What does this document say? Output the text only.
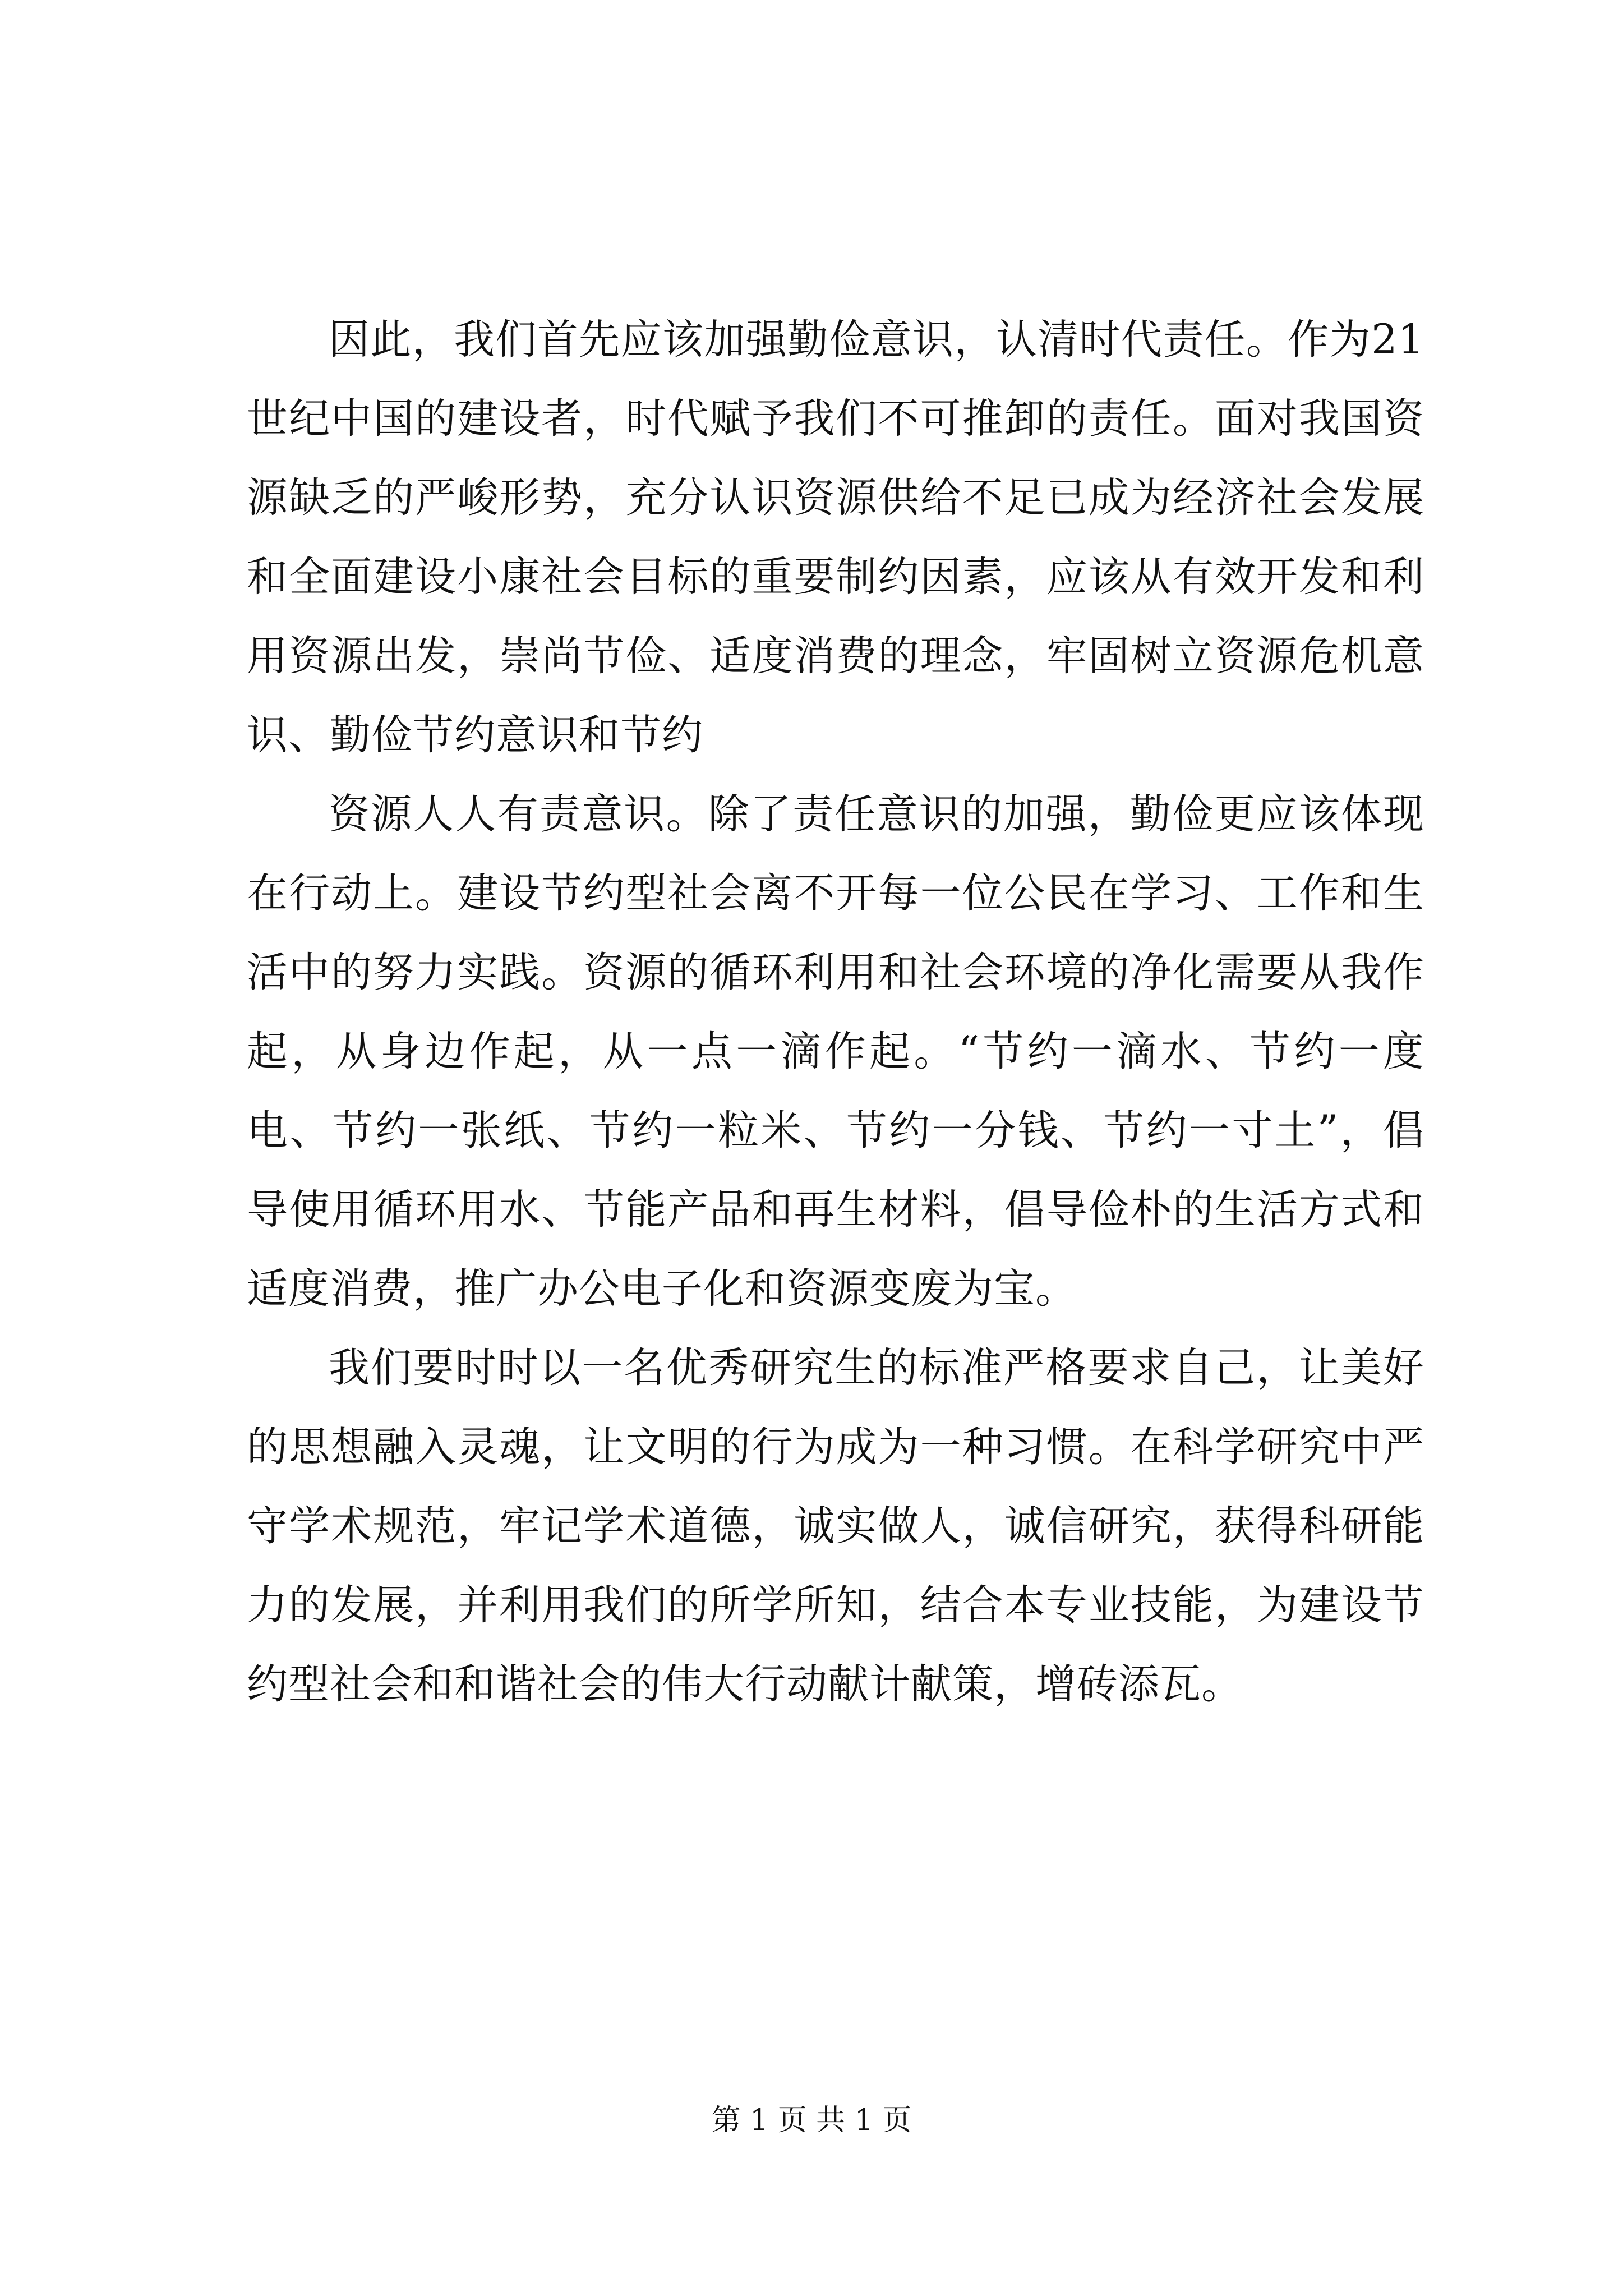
因此，我们首先应该加强勤俭意识，认清时代责任。作为21世纪中国的建设者，时代赋予我们不可推卸的责任。面对我国资源缺乏的严峻形势，充分认识资源供给不足已成为经济社会发展和全面建设小康社会目标的重要制约因素，应该从有效开发和利用资源出发，崇尚节俭、适度消费的理念，牢固树立资源危机意识、勤俭节约意识和节约

资源人人有责意识。除了责任意识的加强，勤俭更应该体现在行动上。建设节约型社会离不开每一位公民在学习、工作和生活中的努力实践。资源的循环利用和社会环境的净化需要从我作起，从身边作起，从一点一滴作起。“节约一滴水、节约一度电、节约一张纸、节约一粒米、节约一分钱、节约一寸土”，倡导使用循环用水、节能产品和再生材料，倡导俭朴的生活方式和适度消费，推广办公电子化和资源变废为宝。

我们要时时以一名优秀研究生的标准严格要求自己，让美好的思想融入灵魂，让文明的行为成为一种习惯。在科学研究中严守学术规范，牢记学术道德，诚实做人，诚信研究，获得科研能力的发展，并利用我们的所学所知，结合本专业技能，为建设节约型社会和和谐社会的伟大行动献计献策，增砖添瓦。

第 1 页 共 1 页
